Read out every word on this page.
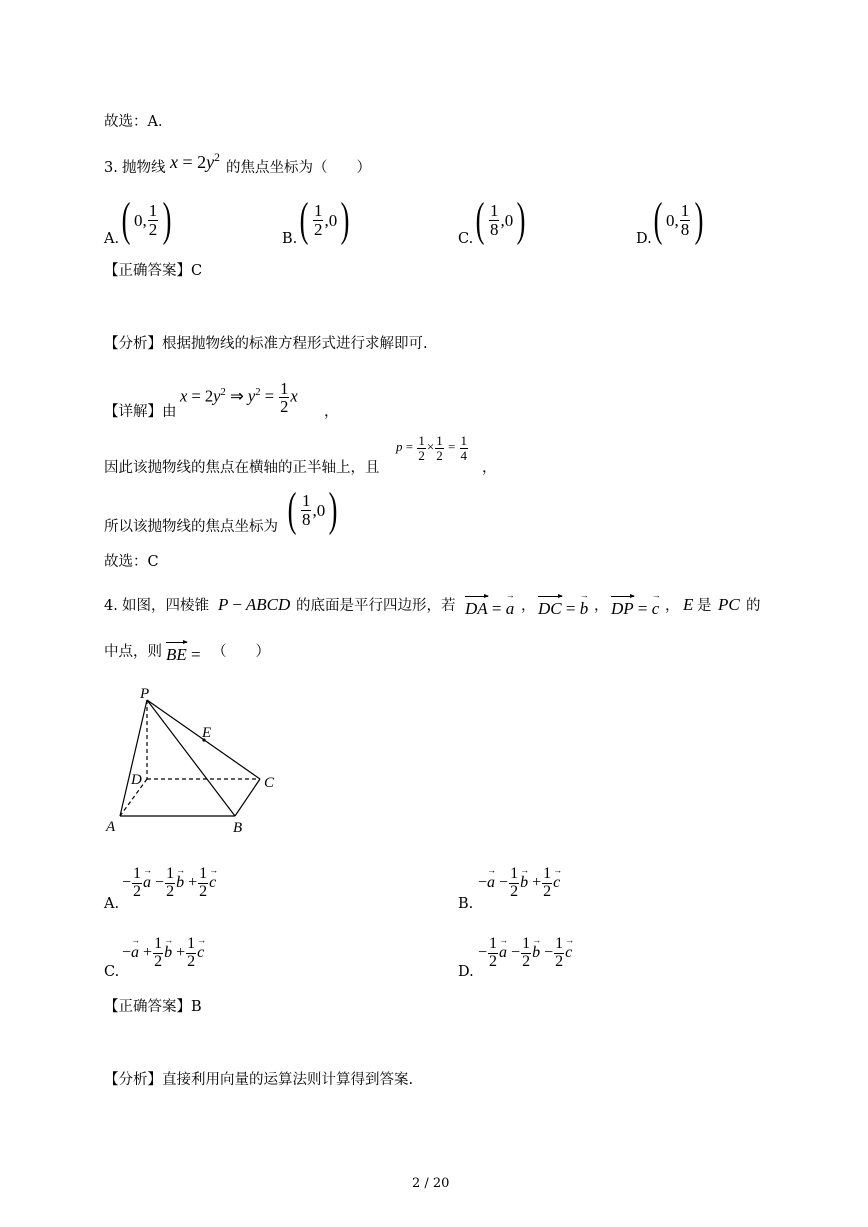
故选：A．
3. 抛物线 $x = 2y^2$
的焦点坐标为（　　）
A. ( 0, $\frac{1}{2}$ )	B. ( $\frac{1}{2} ,0$ )	C. ( $\frac{1}{8} ,0$ )	D. ( 0, $\frac{1}{8}$ )
【正确答案】C
【分析】根据抛物线的标准方程形式进行求解即可.
【详解】由
$x = 2y^2$ ⇒ $y^2 = \frac{1}{2}$ x
，
因此该抛物线的焦点在横轴的正半轴上，且
$p = \frac{1}{2} \times \frac{1}{2} = \frac{1}{4}$
，
所以该抛物线的焦点坐标为 ( $\frac{1}{8} ,0$ )
故选：C
4. 如图，四棱锥 P − ABCD 的底面是平行四边形，若 DA = → a ， DC = → b ， DP = → c ， E 是 PC 的
中点，则 BE = （　　）
P
E
D	C
A	B
A.
− $\frac{1}{2}$
→ $a - \frac{1}{2}$
→ $b + \frac{1}{2}$
→ c
B.
−→ $a - \frac{1}{2}$
→ $b + \frac{1}{2}$
→ c
C.
−→ $a + \frac{1}{2}$
→ $b + \frac{1}{2}$
→ c
D.
− $\frac{1}{2}$
→ $a - \frac{1}{2}$
→ $b - \frac{1}{2}$
→ c
【正确答案】B
【分析】直接利用向量的运算法则计算得到答案.
2 / 20
